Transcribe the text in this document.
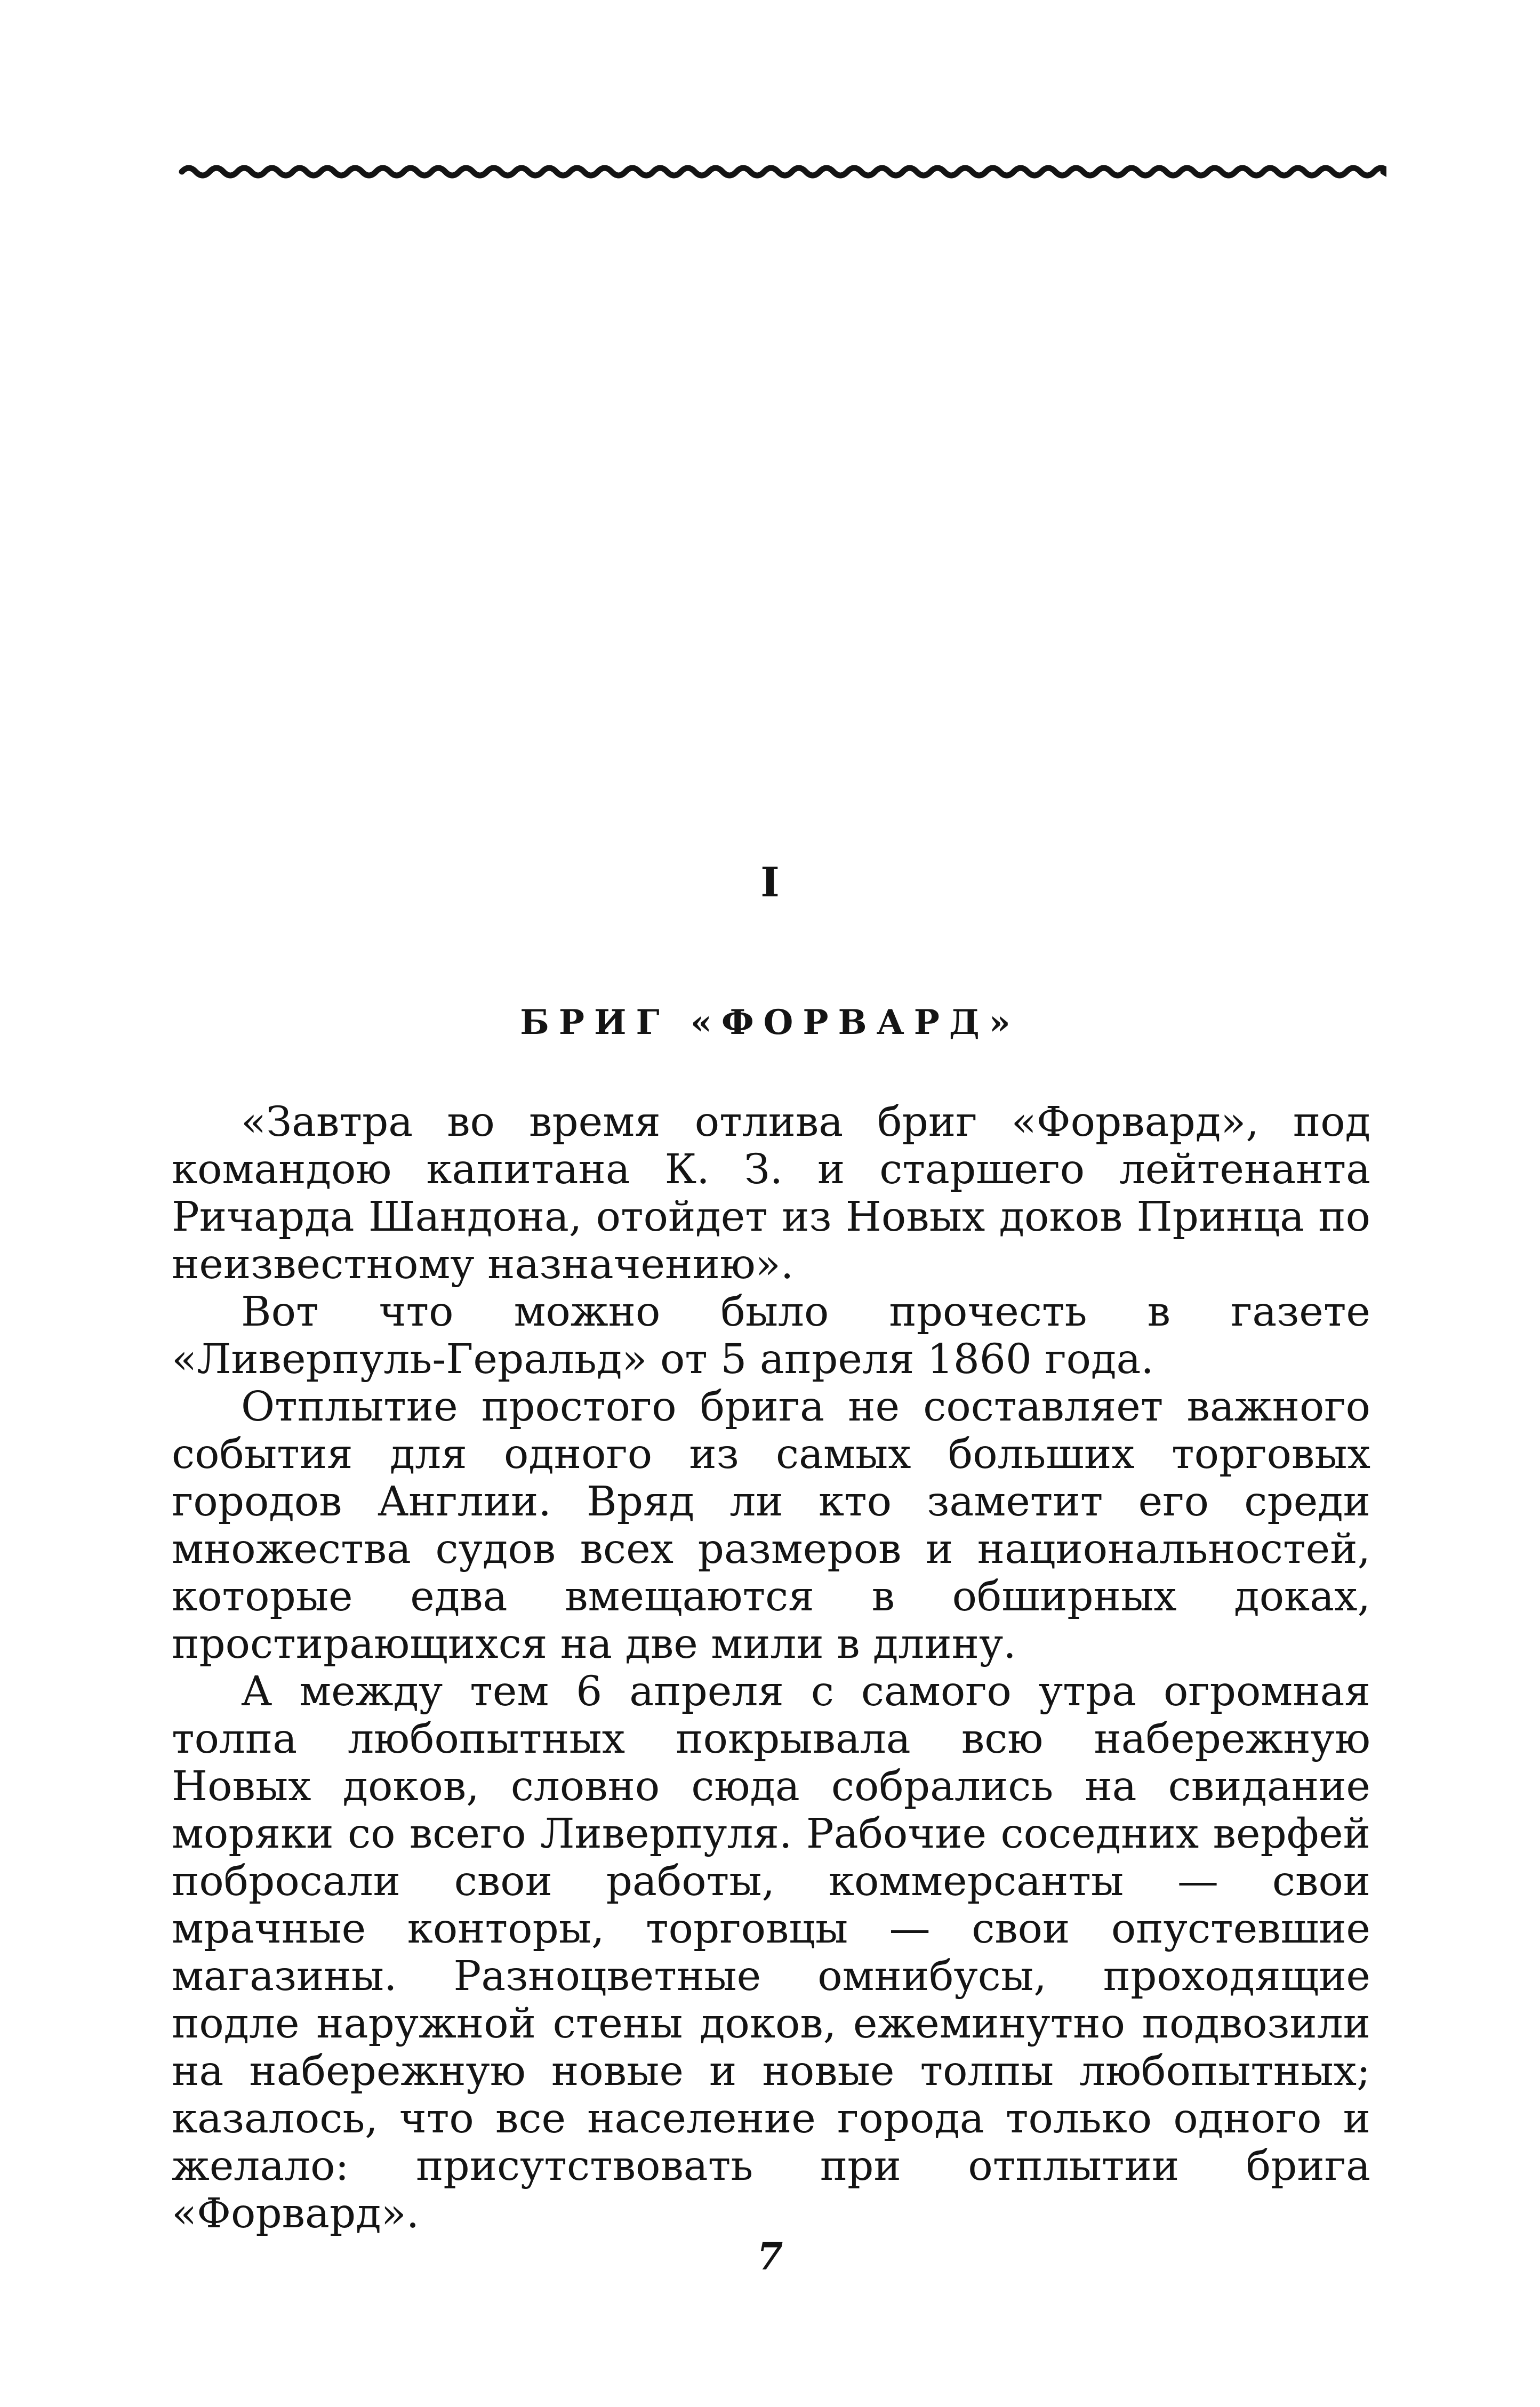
I
БРИГ «ФОРВАРД»

«Завтра во время отлива бриг «Форвард», под командою капитана К. З. и старшего лейтенанта Ричарда Шандона, отойдет из Новых доков Принца по неизвестному назначению».

Вот что можно было прочесть в газете «Ливерпуль-Геральд» от 5 апреля 1860 года.

Отплытие простого брига не составляет важного события для одного из самых больших торговых городов Англии. Вряд ли кто заметит его среди множества судов всех размеров и национальностей, которые едва вмещаются в обширных доках, простирающихся на две мили в длину.

А между тем 6 апреля с самого утра огромная толпа любопытных покрывала всю набережную Новых доков, словно сюда собрались на свидание моряки со всего Ливерпуля. Рабочие соседних верфей побросали свои работы, коммерсанты — свои мрачные конторы, торговцы — свои опустевшие магазины. Разноцветные омнибусы, проходящие подле наружной стены доков, ежеминутно подвозили на набережную новые и новые толпы любопытных; казалось, что все население города только одного и желало: присутствовать при отплытии брига «Форвард».

7
